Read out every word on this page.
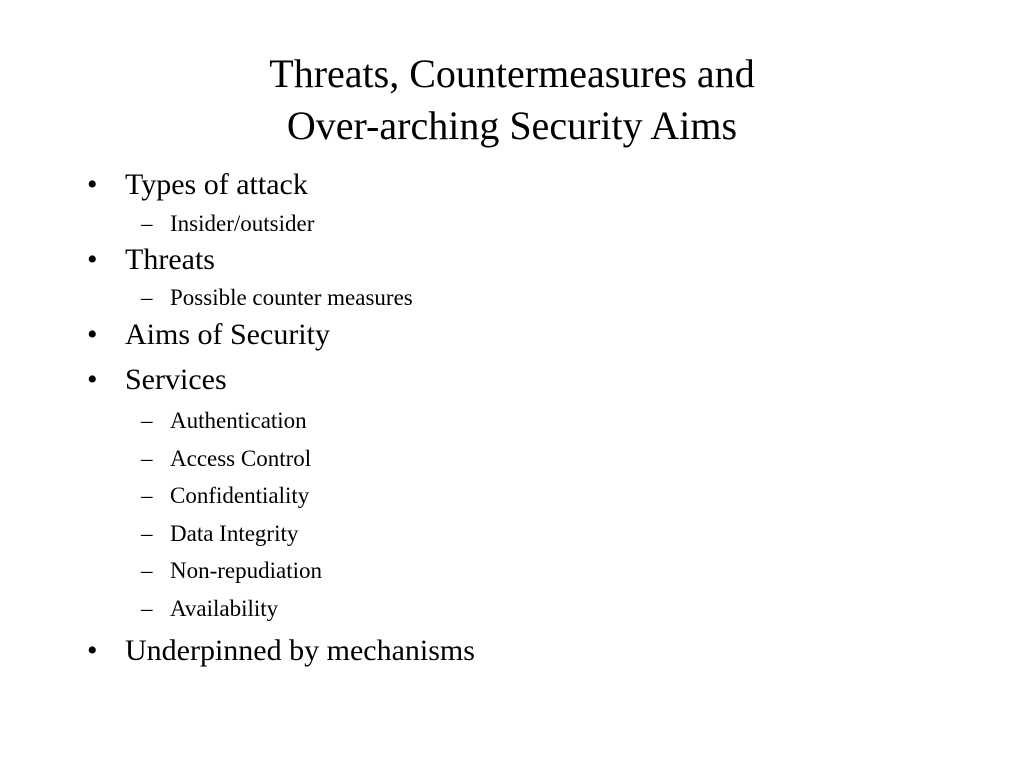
Threats, Countermeasures and
Over-arching Security Aims
• Types of attack
– Insider/outsider
• Threats
– Possible counter measures
• Aims of Security
• Services
– Authentication
– Access Control
– Confidentiality
– Data Integrity
– Non-repudiation
– Availability
• Underpinned by mechanisms
